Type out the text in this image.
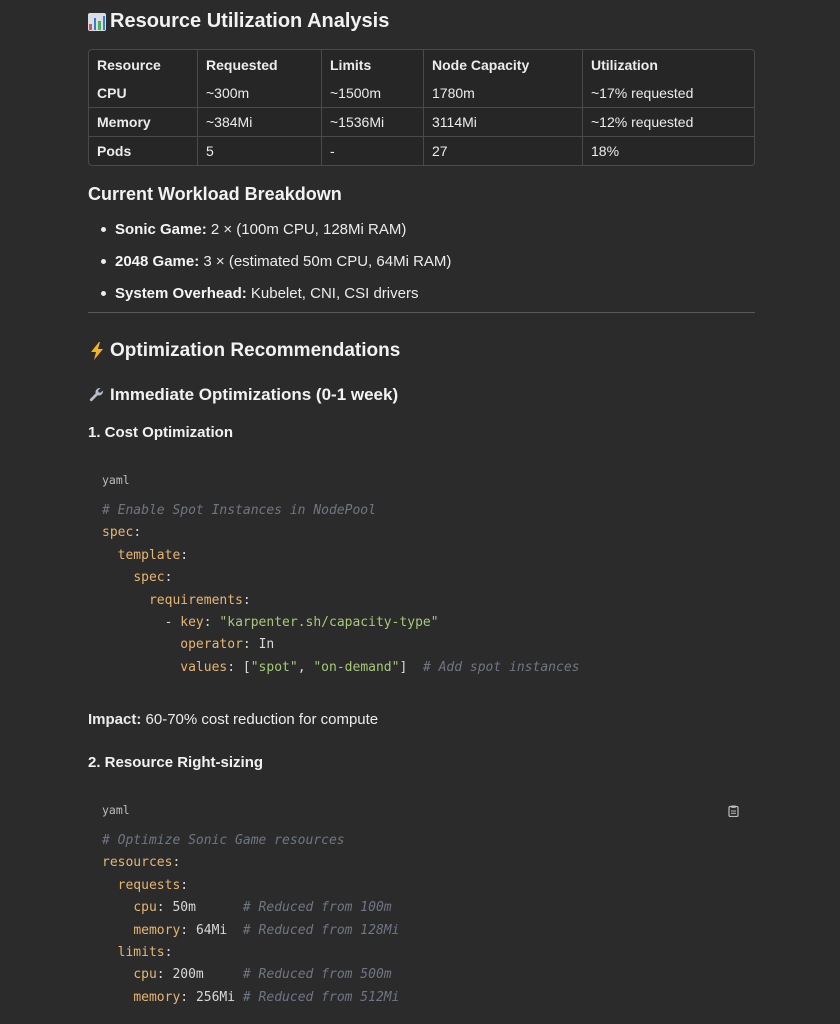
Resource Utilization Analysis
Resource	Requested	Limits	Node Capacity	Utilization
CPU	~300m	~1500m	1780m	~17% requested
Memory	~384Mi	~1536Mi	3114Mi	~12% requested
Pods	5	-	27	18%
Current Workload Breakdown
Sonic Game: 2 × (100m CPU, 128Mi RAM)
2048 Game: 3 × (estimated 50m CPU, 64Mi RAM)
System Overhead: Kubelet, CNI, CSI drivers
Optimization Recommendations
Immediate Optimizations (0-1 week)
1. Cost Optimization
yaml
# Enable Spot Instances in NodePool
spec:
template:
spec:
requirements:
- key: "karpenter.sh/capacity-type"
operator: In
values: ["spot", "on-demand"]  # Add spot instances

Impact: 60-70% cost reduction for compute

2. Resource Right-sizing
yaml
# Optimize Sonic Game resources
resources:
requests:
cpu: 50m	# Reduced from 100m
memory: 64Mi # Reduced from 128Mi
limits:
cpu: 200m	# Reduced from 500m
memory: 256Mi # Reduced from 512Mi
